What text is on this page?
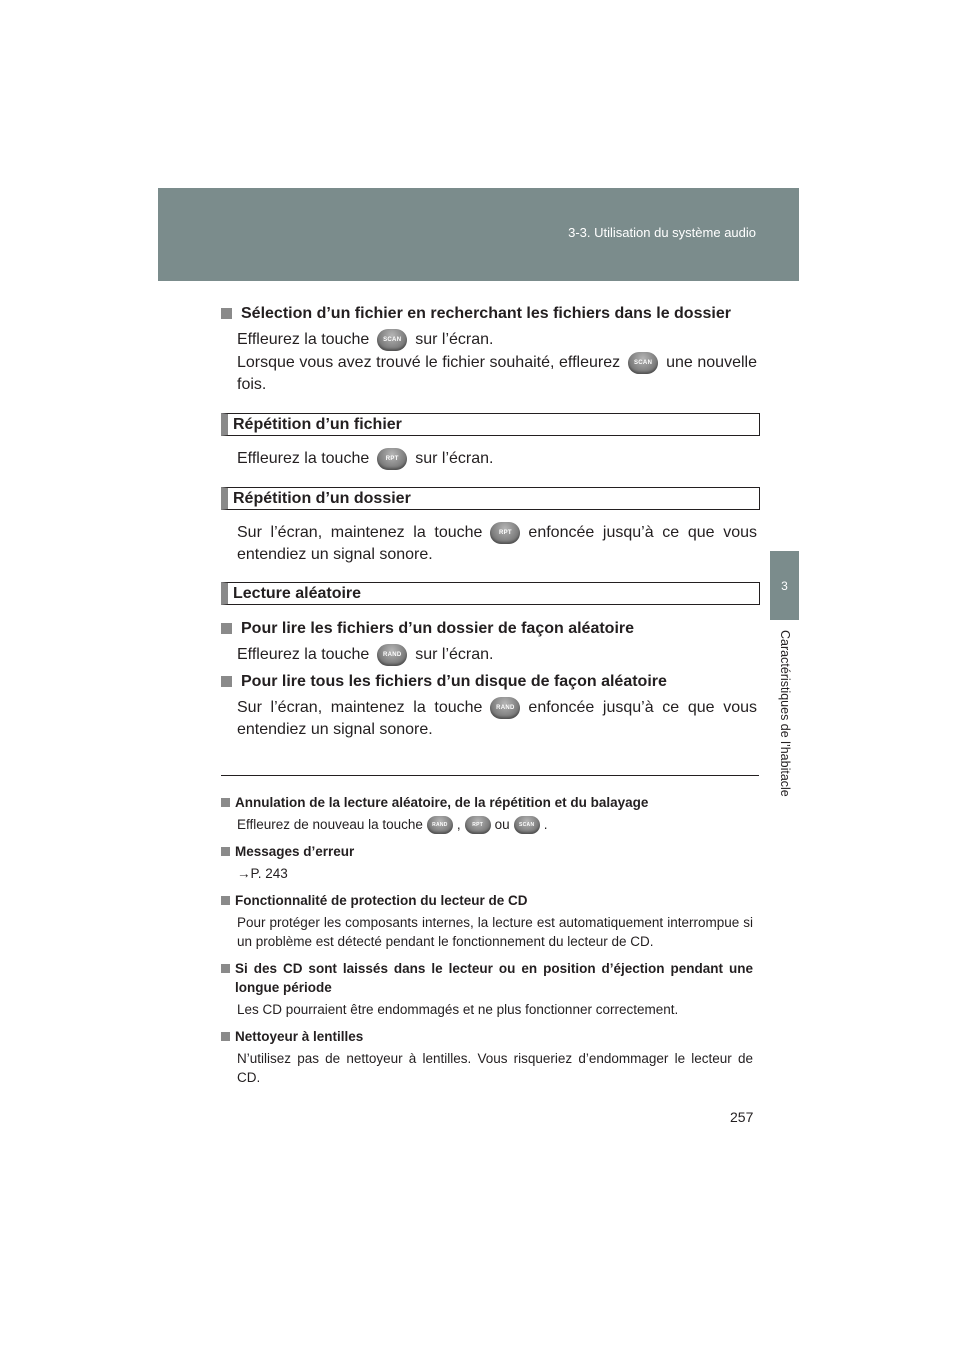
3-3. Utilisation du système audio
3
Caractéristiques de l’habitacle

Sélection d’un fichier en recherchant les fichiers dans le dossier

Effleurez la touche SCAN sur l’écran.

Lorsque vous avez trouvé le fichier souhaité, effleurez SCAN une nouvelle fois.

Répétition d’un fichier

Effleurez la touche	RPT sur l’écran.

Répétition d’un dossier

Sur l’écran, maintenez la touche	RPT enfoncée jusqu’à ce que vous entendiez un signal sonore.

Lecture aléatoire

Pour lire les fichiers d’un dossier de façon aléatoire

Effleurez la touche RAND sur l’écran.

Pour lire tous les fichiers d’un disque de façon aléatoire

Sur l’écran, maintenez la touche RAND enfoncée jusqu’à ce que vous entendiez un signal sonore.

Annulation de la lecture aléatoire, de la répétition et du balayage

Effleurez de nouveau la touche RAND , RPT ou SCAN .

Messages d’erreur

→P. 243

Fonctionnalité de protection du lecteur de CD

Pour protéger les composants internes, la lecture est automatiquement interrompue si un problème est détecté pendant le fonctionnement du lecteur de CD.

Si des CD sont laissés dans le lecteur ou en position d’éjection pendant une longue période

Les CD pourraient être endommagés et ne plus fonctionner correctement.

Nettoyeur à lentilles

N’utilisez pas de nettoyeur à lentilles. Vous risqueriez d’endommager le lecteur de CD.

257
